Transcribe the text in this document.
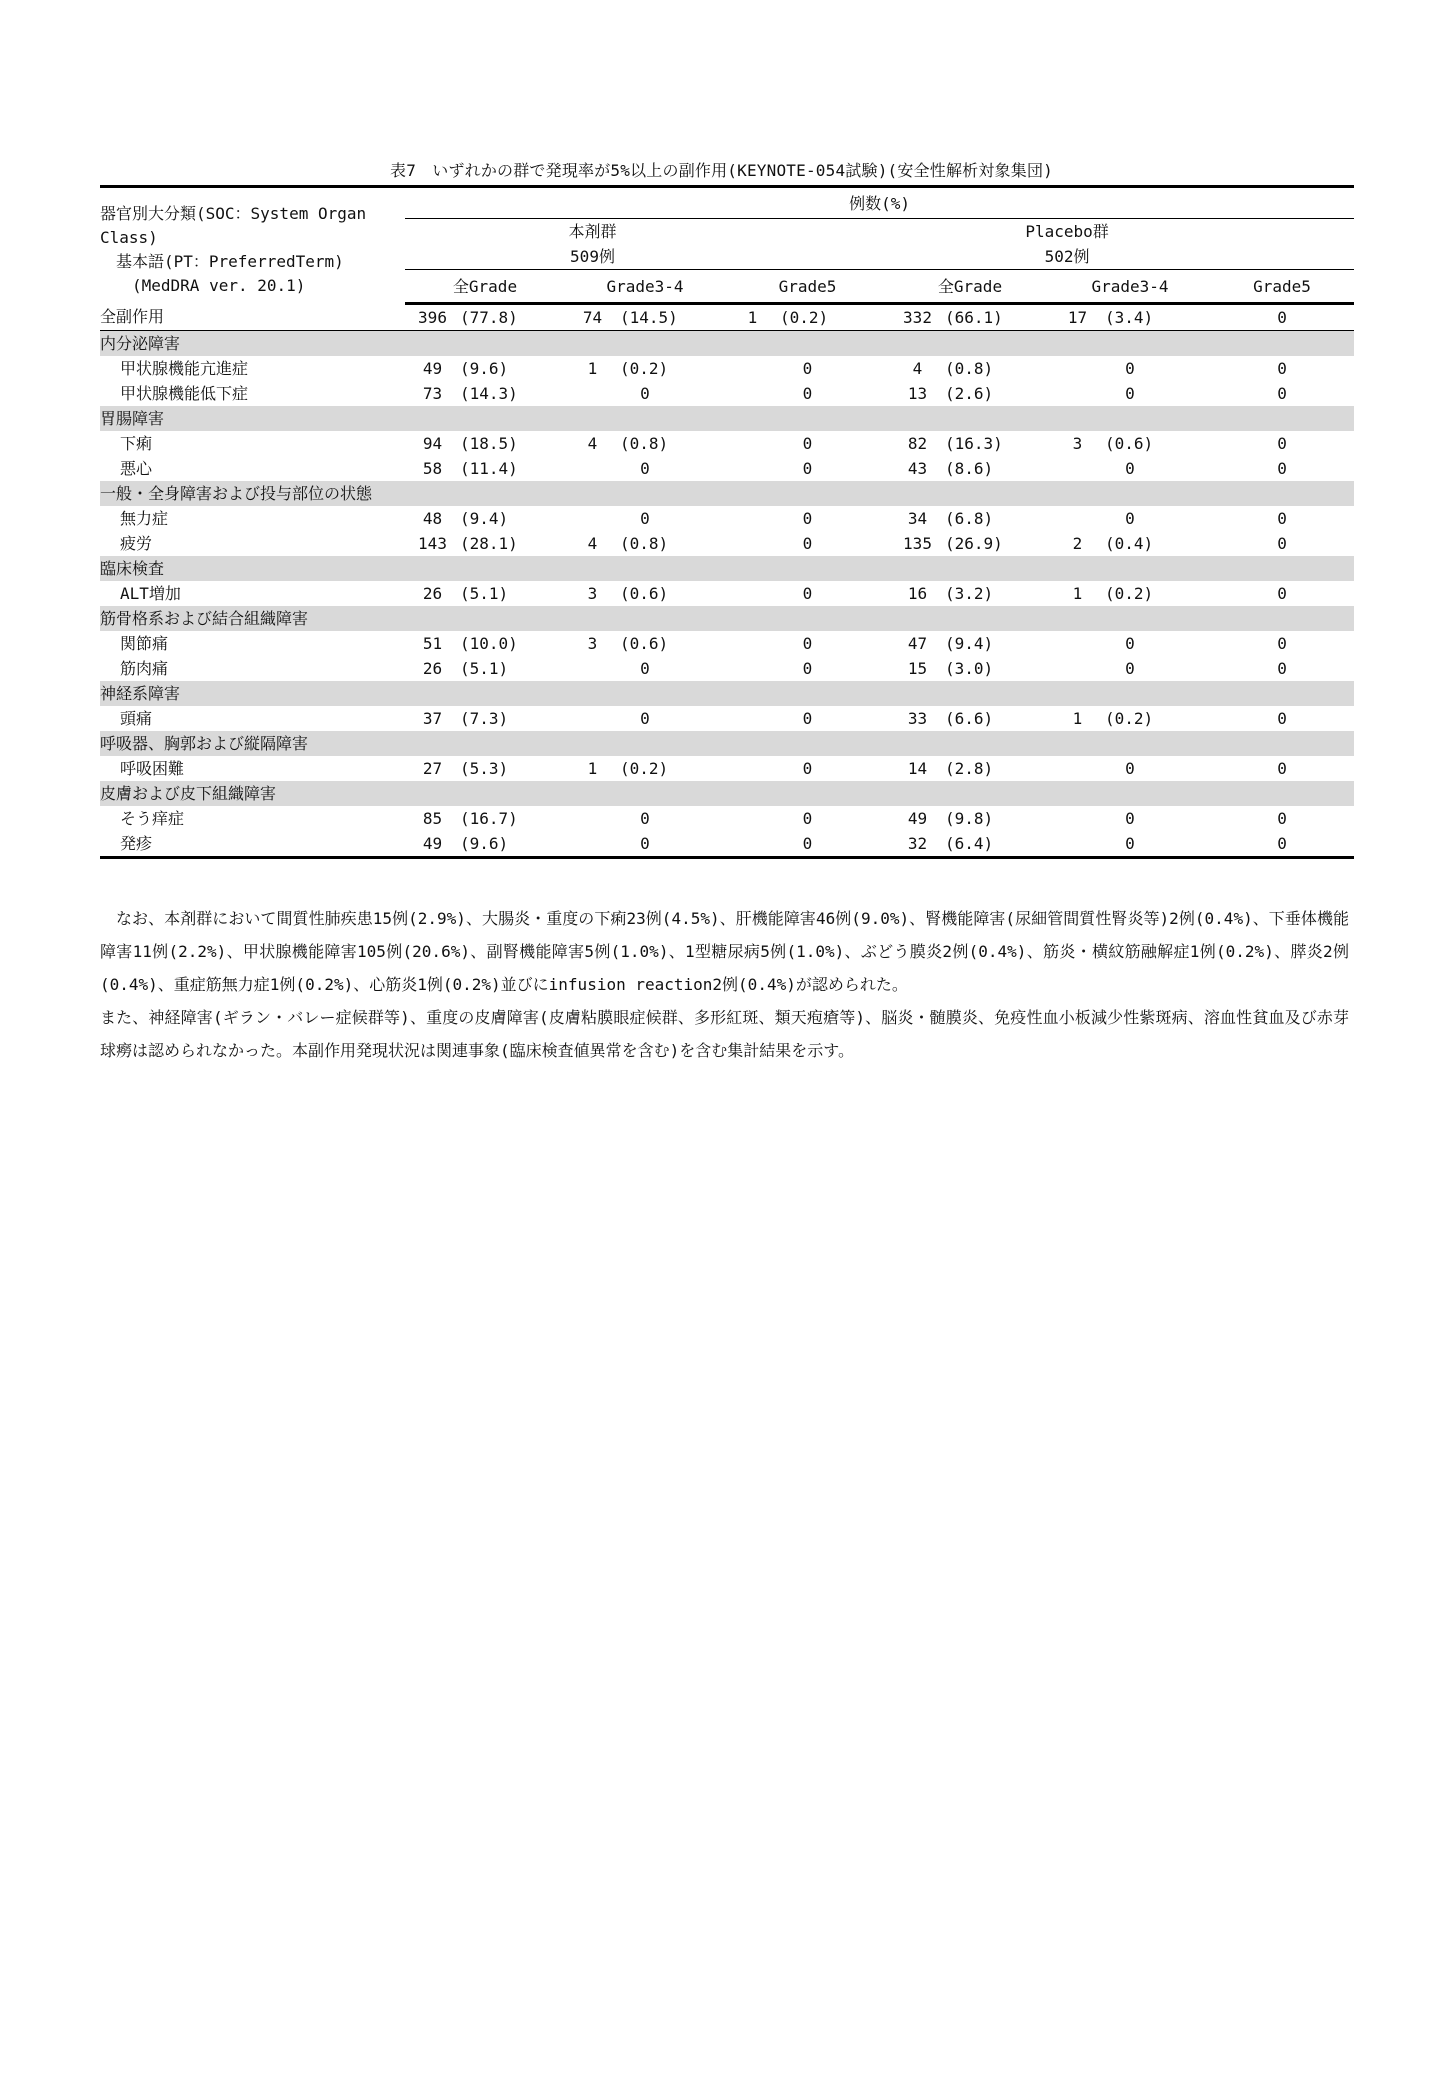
表7　いずれかの群で発現率が5%以上の副作用(KEYNOTE-054試験)(安全性解析対象集団)
器官別大分類(SOC：System Organ
Class)
　基本語(PT：PreferredTerm)
　　(MedDRA ver. 20.1)	例数(%)										
	本剤群					Placebo群					
	509例					502例					
	全Grade		Grade3-4		Grade5		全Grade		Grade3-4		Grade5
全副作用	396	(77.8)	74	(14.5)	1	(0.2)	332	(66.1)	17	(3.4)	0
内分泌障害											
甲状腺機能亢進症	49	(9.6)	1	(0.2)	0		4	(0.8)	0		0
甲状腺機能低下症	73	(14.3)	0		0		13	(2.6)	0		0
胃腸障害											
下痢	94	(18.5)	4	(0.8)	0		82	(16.3)	3	(0.6)	0
悪心	58	(11.4)	0		0		43	(8.6)	0		0
一般・全身障害および投与部位の状態											
無力症	48	(9.4)	0		0		34	(6.8)	0		0
疲労	143	(28.1)	4	(0.8)	0		135	(26.9)	2	(0.4)	0
臨床検査											
ALT増加	26	(5.1)	3	(0.6)	0		16	(3.2)	1	(0.2)	0
筋骨格系および結合組織障害											
関節痛	51	(10.0)	3	(0.6)	0		47	(9.4)	0		0
筋肉痛	26	(5.1)	0		0		15	(3.0)	0		0
神経系障害											
頭痛	37	(7.3)	0		0		33	(6.6)	1	(0.2)	0
呼吸器、胸郭および縦隔障害											
呼吸困難	27	(5.3)	1	(0.2)	0		14	(2.8)	0		0
皮膚および皮下組織障害											
そう痒症	85	(16.7)	0		0		49	(9.8)	0		0
発疹	49	(9.6)	0		0		32	(6.4)	0		0

なお、本剤群において間質性肺疾患15例(2.9%)、大腸炎・重度の下痢23例(4.5%)、肝機能障害46例(9.0%)、腎機能障害(尿細管間質性腎炎等)2例(0.4%)、下垂体機能障害11例(2.2%)、甲状腺機能障害105例(20.6%)、副腎機能障害5例(1.0%)、1型糖尿病5例(1.0%)、ぶどう膜炎2例(0.4%)、筋炎・横紋筋融解症1例(0.2%)、膵炎2例(0.4%)、重症筋無力症1例(0.2%)、心筋炎1例(0.2%)並びにinfusion reaction2例(0.4%)が認められた。

また、神経障害(ギラン・バレー症候群等)、重度の皮膚障害(皮膚粘膜眼症候群、多形紅斑、類天疱瘡等)、脳炎・髄膜炎、免疫性血小板減少性紫斑病、溶血性貧血及び赤芽球癆は認められなかった。本副作用発現状況は関連事象(臨床検査値異常を含む)を含む集計結果を示す。
